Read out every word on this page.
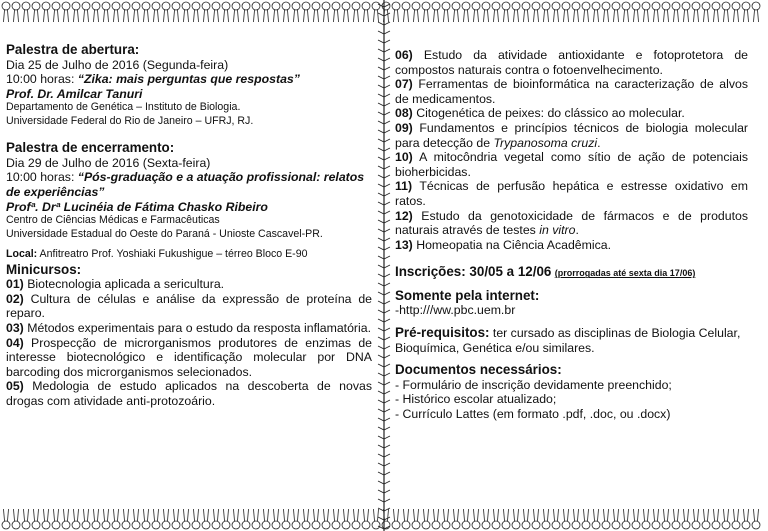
Palestra de abertura:
Dia 25 de Julho de 2016 (Segunda-feira)
10:00 horas: “Zika: mais perguntas que respostas”
Prof. Dr. Amilcar Tanuri
Departamento de Genética – Instituto de Biologia.
Universidade Federal do Rio de Janeiro – UFRJ, RJ.
Palestra de encerramento:
Dia 29 de Julho de 2016 (Sexta-feira)
10:00 horas: “Pós-graduação e a atuação profissional: relatos de experiências”
Profª. Drª Lucinéia de Fátima Chasko Ribeiro
Centro de Ciências Médicas e Farmacêuticas
Universidade Estadual do Oeste do Paraná - Unioste Cascavel-PR.
Local: Anfitreatro Prof. Yoshiaki Fukushigue – térreo Bloco E-90
Minicursos:

01) Biotecnologia aplicada a sericultura.

02) Cultura de células e análise da expressão de proteína de reparo.

03) Métodos experimentais para o estudo da resposta inflamatória.

04) Prospecção de microrganismos produtores de enzimas de interesse biotecnológico e identificação molecular por DNA barcoding dos microrganismos selecionados.

05) Medologia de estudo aplicados na descoberta de novas drogas com atividade anti-protozoário.

06) Estudo da atividade antioxidante e fotoprotetora de compostos naturais contra o fotoenvelhecimento.

07) Ferramentas de bioinformática na caracterização de alvos de medicamentos.

08) Citogenética de peixes: do clássico ao molecular.

09) Fundamentos e princípios técnicos de biologia molecular para detecção de Trypanosoma cruzi.

10) A mitocôndria vegetal como sítio de ação de potenciais bioherbicidas.

11) Técnicas de perfusão hepática e estresse oxidativo em ratos.

12) Estudo da genotoxicidade de fármacos e de produtos naturais através de testes in vitro.

13) Homeopatia na Ciência Acadêmica.

Inscrições: 30/05 a 12/06 (prorrogadas até sexta dia 17/06)
Somente pela internet:
-http:///ww.pbc.uem.br
Pré-requisitos: ter cursado as disciplinas de Biologia Celular, Bioquímica, Genética e/ou similares.
Documentos necessários:
- Formulário de inscrição devidamente preenchido;
- Histórico escolar atualizado;
- Currículo Lattes (em formato .pdf, .doc, ou .docx)
